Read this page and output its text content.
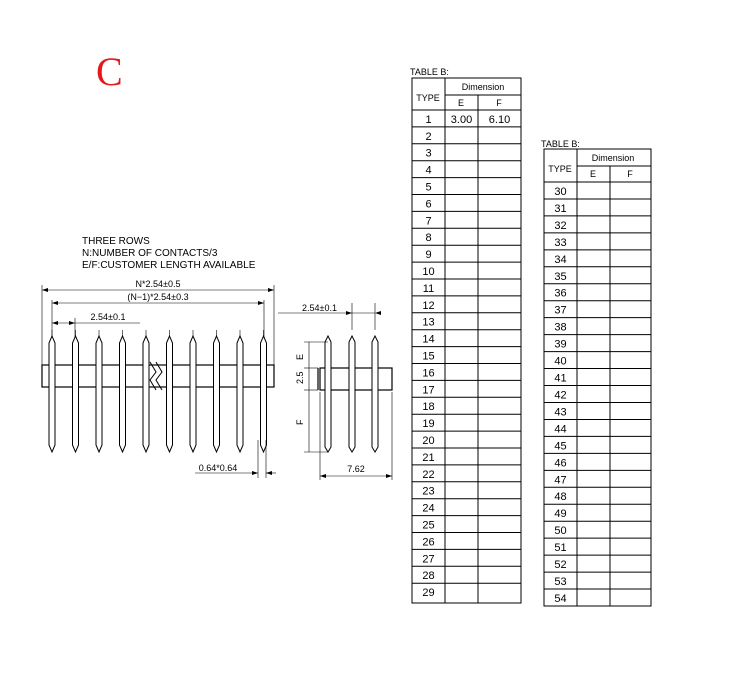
C
THREE ROWS
N:NUMBER OF CONTACTS/3
E/F:CUSTOMER LENGTH AVAILABLE
N*2.54±0.5
(N−1)*2.54±0.3
2.54±0.1
0.64*0.64
2.54±0.1
E
2.5
F
7.62
TABLE B:
TYPE
Dimension
E	F
1 3.00 6.10
2
3
4
5
6
7
8
9
10
11
12
13
14
15
16
17
18
19
20
21
22
23
24
25
26
27
28
29
TABLE B:
TYPE
Dimension
E	F
30
31
32
33
34
35
36
37
38
39
40
41
42
43
44
45
46
47
48
49
50
51
52
53
54
